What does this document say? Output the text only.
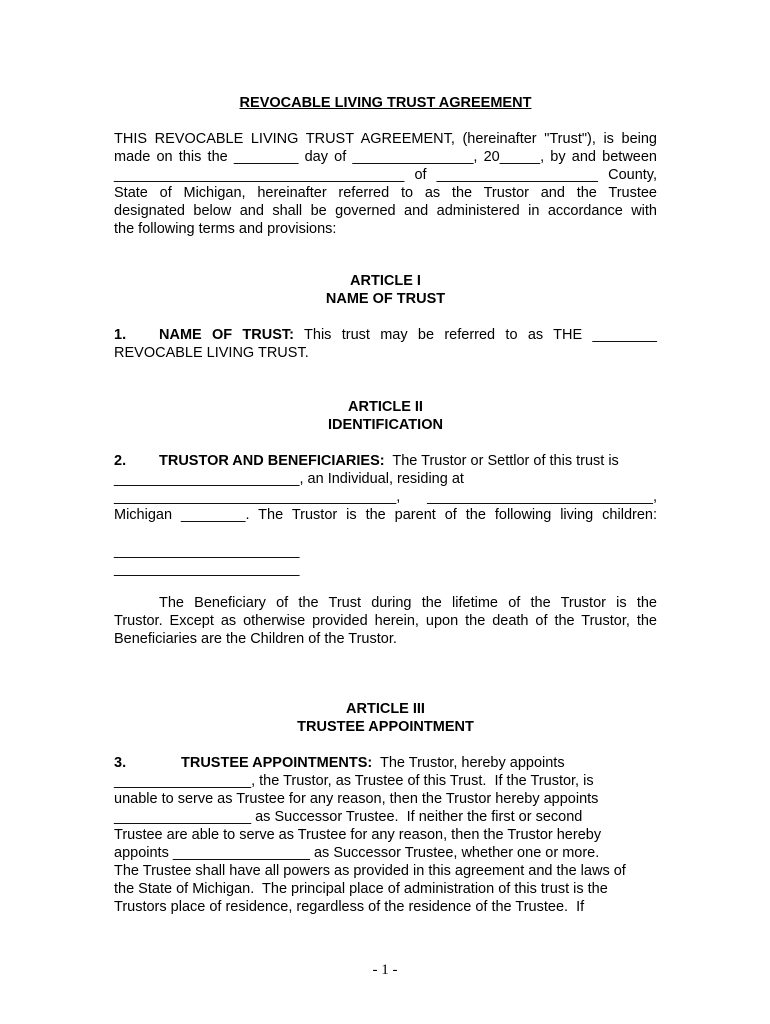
REVOCABLE LIVING TRUST AGREEMENT
THIS REVOCABLE LIVING TRUST AGREEMENT, (hereinafter "Trust"), is being
made on this the ________ day of _______________, 20_____, by and between
____________________________________ of ____________________ County,
State of Michigan, hereinafter referred to as the Trustor and the Trustee
designated below and shall be governed and administered in accordance with
the following terms and provisions:
ARTICLE I
NAME OF TRUST
1. NAME OF TRUST: This trust may be referred to as THE ________
REVOCABLE LIVING TRUST.
ARTICLE II
IDENTIFICATION
2. TRUSTOR AND BENEFICIARIES: The Trustor or Settlor of this trust is
_______________________, an Individual, residing at
___________________________________, ____________________________,
Michigan ________. The Trustor is the parent of the following living children:
_______________________
_______________________
The Beneficiary of the Trust during the lifetime of the Trustor is the
Trustor. Except as otherwise provided herein, upon the death of the Trustor, the
Beneficiaries are the Children of the Trustor.
ARTICLE III
TRUSTEE APPOINTMENT
3.	TRUSTEE APPOINTMENTS: The Trustor, hereby appoints
_________________, the Trustor, as Trustee of this Trust.  If the Trustor, is
unable to serve as Trustee for any reason, then the Trustor hereby appoints
_________________ as Successor Trustee.  If neither the first or second
Trustee are able to serve as Trustee for any reason, then the Trustor hereby
appoints _________________ as Successor Trustee, whether one or more.
The Trustee shall have all powers as provided in this agreement and the laws of
the State of Michigan.  The principal place of administration of this trust is the
Trustors place of residence, regardless of the residence of the Trustee.  If
- 1 -
